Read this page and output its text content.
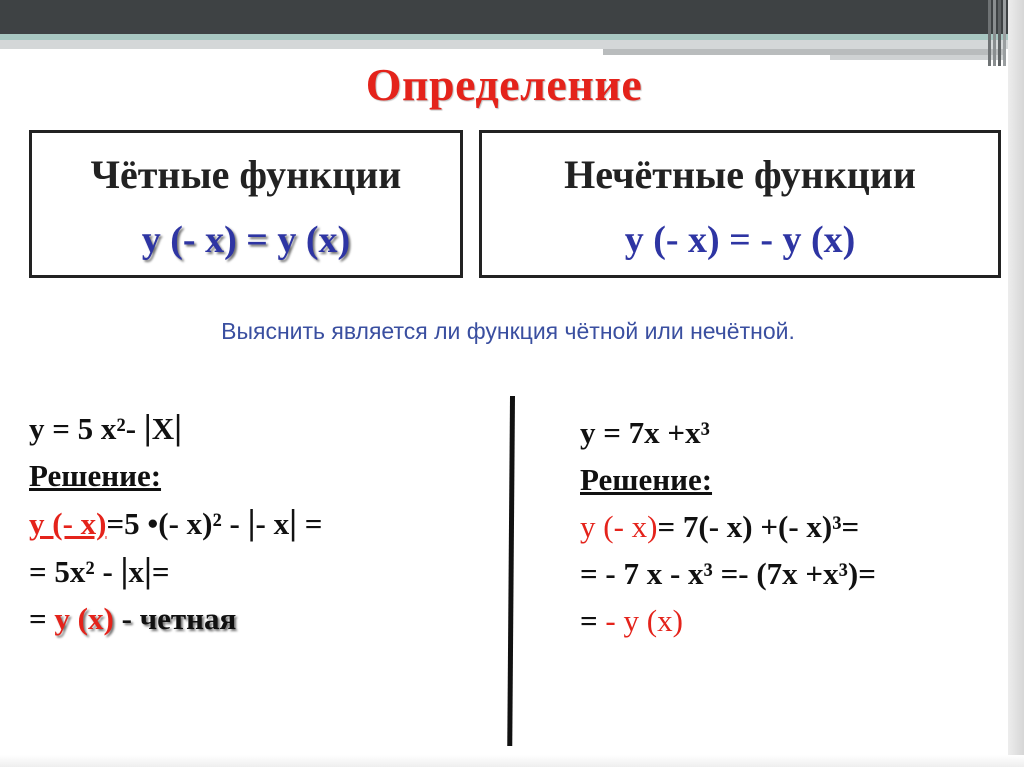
Определение
Чётные функции
y (- x) = y (x)
Нечётные функции
y (- x) = - y (x)
Выяснить является ли функция чётной или нечётной.
y = 5 x²- |X|
Решение:
y (- x)=5 •(- x)² - |- x| =
= 5x² - |x|=
= y (x) - четная
y = 7x +x³
Решение:
y (- x)= 7(- x) +(- x)³=
= - 7 x - x³ =- (7x +x³)=
= - y (x)
